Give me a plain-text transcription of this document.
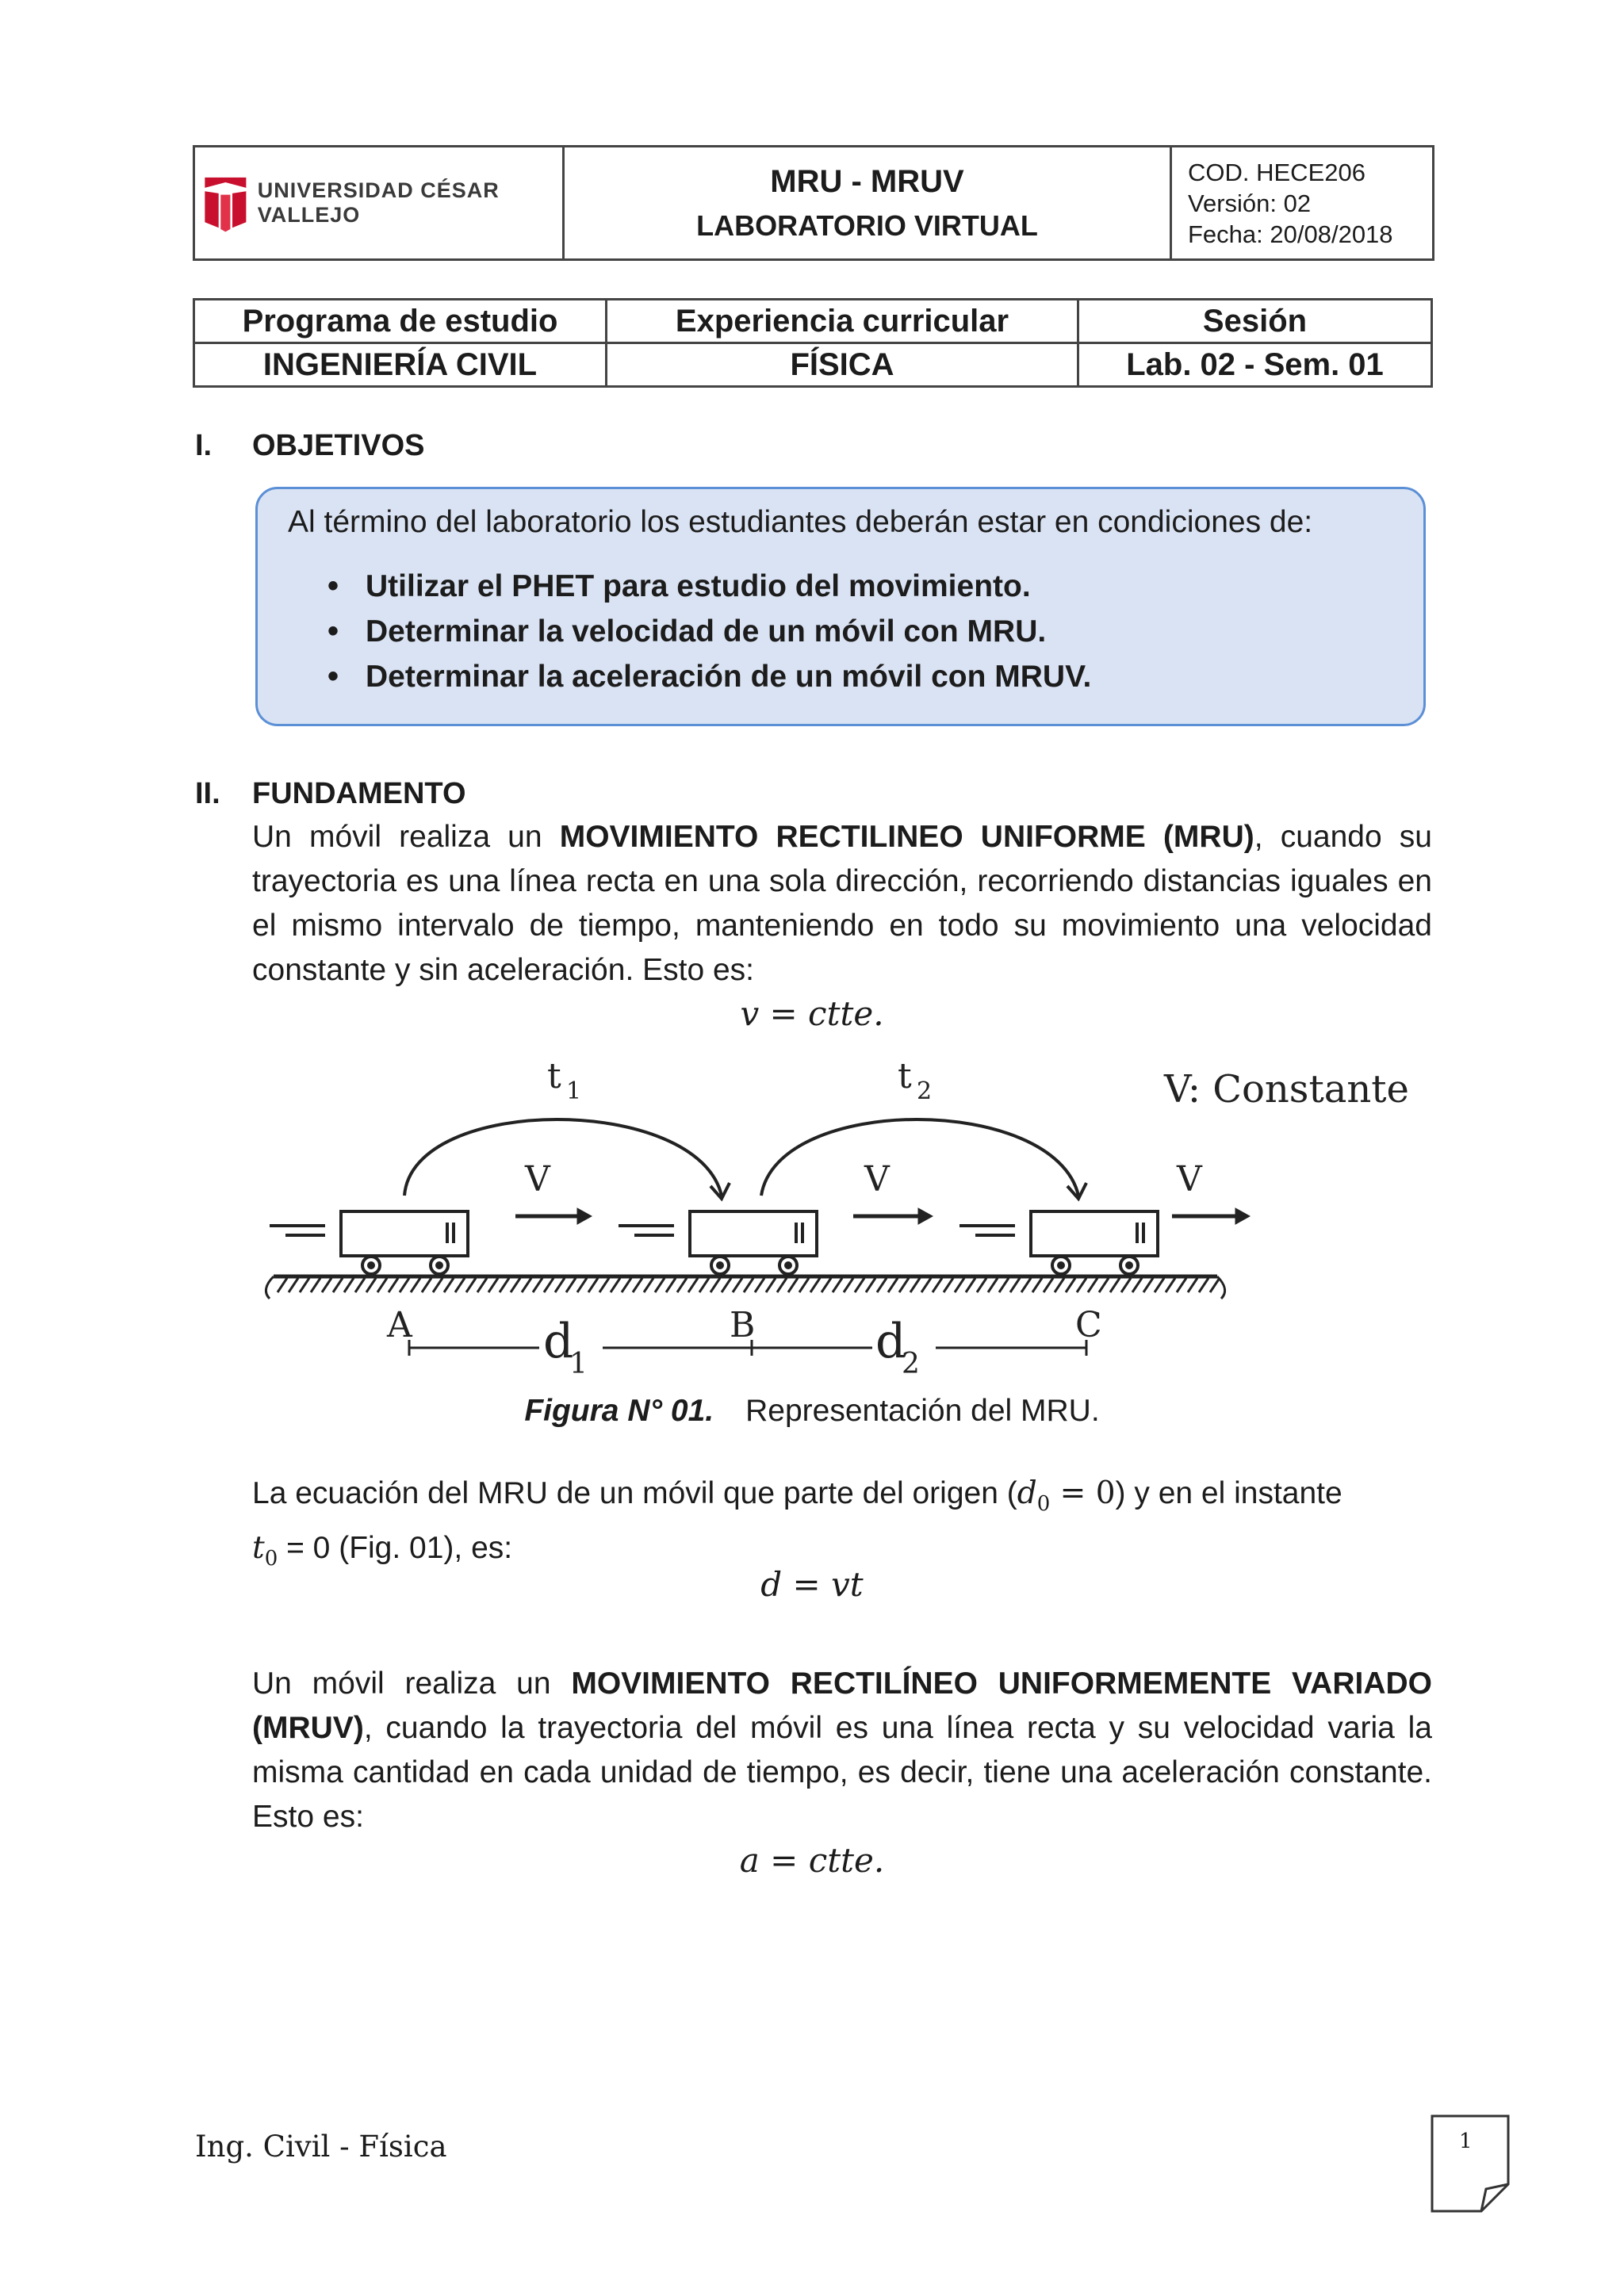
UNIVERSIDAD CÉSAR VALLEJO
MRU - MRUV
LABORATORIO VIRTUAL
COD. HECE206
Versión: 02
Fecha: 20/08/2018
Programa de estudio	Experiencia curricular	Sesión
INGENIERÍA CIVIL	FÍSICA	Lab. 02 - Sem. 01
I. OBJETIVOS
Al término del laboratorio los estudiantes deberán estar en condiciones de:
• Utilizar el PHET para estudio del movimiento.
• Determinar la velocidad de un móvil con MRU.
• Determinar la aceleración de un móvil con MRUV.
II. FUNDAMENTO
Un móvil realiza un MOVIMIENTO RECTILINEO UNIFORME (MRU), cuando su trayectoria es una línea recta en una sola dirección, recorriendo distancias iguales en el mismo intervalo de tiempo, manteniendo en todo su movimiento una velocidad constante y sin aceleración. Esto es:
v = ctte.
t 1	t 2	V: Constante
V	V	V
A	B	C
d
1	d
2
Figura N° 01. Representación del MRU.
La ecuación del MRU de un móvil que parte del origen $(d_0 = 0)$ y en el instante
$t_0 = 0$ (Fig. 01), es:
d = vt
Un móvil realiza un MOVIMIENTO RECTILÍNEO UNIFORMEMENTE VARIADO (MRUV), cuando la trayectoria del móvil es una línea recta y su velocidad varia la misma cantidad en cada unidad de tiempo, es decir, tiene una aceleración constante. Esto es:
a = ctte.
Ing. Civil - Física	1
